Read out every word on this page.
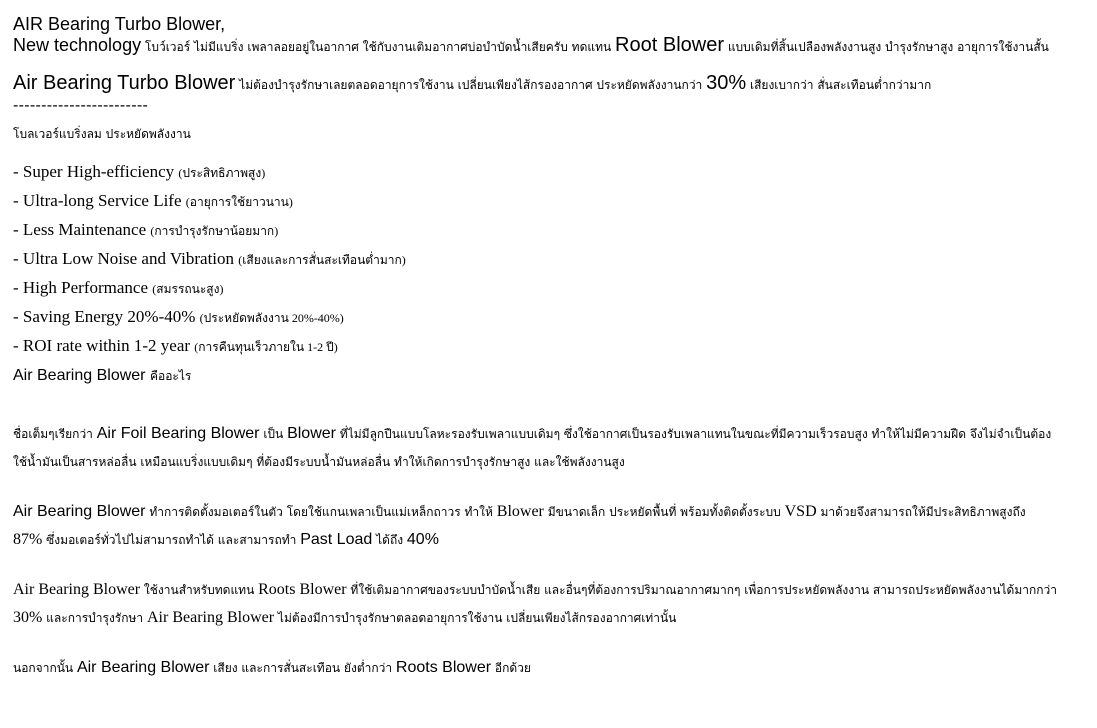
AIR Bearing Turbo Blower,

New technology โบว์เวอร์ ไม่มีแบริ่ง เพลาลอยอยู่ในอากาศ ใช้กับงานเติมอากาศบ่อบำบัดน้ำเสียครับ ทดแทน Root Blower แบบเดิมที่สิ้นเปลืองพลังงานสูง บำรุงรักษาสูง อายุการใช้งานสั้น

Air Bearing Turbo Blower ไม่ต้องบำรุงรักษาเลยตลอดอายุการใช้งาน เปลี่ยนเพียงไส้กรองอากาศ ประหยัดพลังงานกว่า 30% เสียงเบากว่า สั่นสะเทือนต่ำกว่ามาก

------------------------

โบลเวอร์แบริ่งลม ประหยัดพลังงาน

- Super High-efficiency (ประสิทธิภาพสูง)
- Ultra-long Service Life (อายุการใช้ยาวนาน)
- Less Maintenance (การบำรุงรักษาน้อยมาก)
- Ultra Low Noise and Vibration (เสียงและการสั่นสะเทือนต่ำมาก)
- High Performance (สมรรถนะสูง)
- Saving Energy 20%-40% (ประหยัดพลังงาน 20%-40%)
- ROI rate within 1-2 year (การคืนทุนเร็วภายใน 1-2 ปี)

Air Bearing Blower คืออะไร

ชื่อเต็มๆเรียกว่า Air Foil Bearing Blower เป็น Blower ที่ไม่มีลูกปืนแบบโลหะรองรับเพลาแบบเดิมๆ ซึ่งใช้อากาศเป็นรองรับเพลาแทนในขณะที่มีความเร็วรอบสูง ทำให้ไม่มีความฝืด จึงไม่จำเป็นต้องใช้น้ำมันเป็นสารหล่อลื่น เหมือนแบริ่งแบบเดิมๆ ที่ต้องมีระบบน้ำมันหล่อลื่น ทำให้เกิดการบำรุงรักษาสูง และใช้พลังงานสูง

Air Bearing Blower ทำการติดตั้งมอเตอร์ในตัว โดยใช้แกนเพลาเป็นแม่เหล็กถาวร ทำให้ Blower มีขนาดเล็ก ประหยัดพื้นที่ พร้อมทั้งติดตั้งระบบ VSD มาด้วยจึงสามารถให้มีประสิทธิภาพสูงถึง 87% ซึ่งมอเตอร์ทั่วไปไม่สามารถทำได้ และสามารถทำ Past Load ได้ถึง 40%

Air Bearing Blower ใช้งานสำหรับทดแทน Roots Blower ที่ใช้เติมอากาศของระบบบำบัดน้ำเสีย และอื่นๆที่ต้องการปริมาณอากาศมากๆ เพื่อการประหยัดพลังงาน สามารถประหยัดพลังงานได้มากกว่า 30% และการบำรุงรักษา Air Bearing Blower ไม่ต้องมีการบำรุงรักษาตลอดอายุการใช้งาน เปลี่ยนเพียงไส้กรองอากาศเท่านั้น

นอกจากนั้น Air Bearing Blower เสียง และการสั่นสะเทือน ยังต่ำกว่า Roots Blower อีกด้วย
